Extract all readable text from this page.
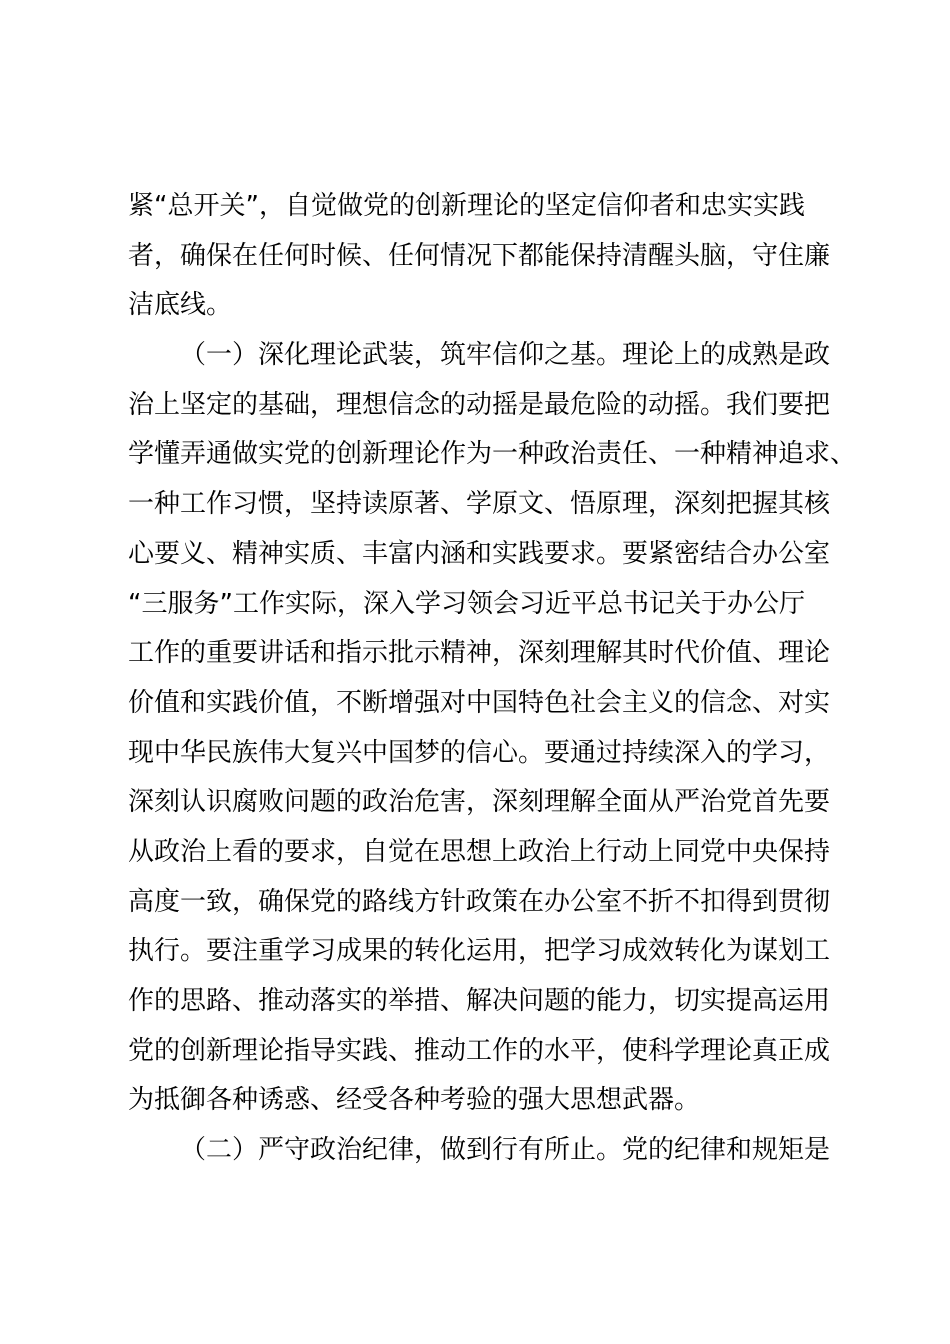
紧“总开关”，自觉做党的创新理论的坚定信仰者和忠实实践
者，确保在任何时候、任何情况下都能保持清醒头脑，守住廉
洁底线。
（一）深化理论武装，筑牢信仰之基。理论上的成熟是政
治上坚定的基础，理想信念的动摇是最危险的动摇。我们要把
学懂弄通做实党的创新理论作为一种政治责任、一种精神追求、
一种工作习惯，坚持读原著、学原文、悟原理，深刻把握其核
心要义、精神实质、丰富内涵和实践要求。要紧密结合办公室
“三服务”工作实际，深入学习领会习近平总书记关于办公厅
工作的重要讲话和指示批示精神，深刻理解其时代价值、理论
价值和实践价值，不断增强对中国特色社会主义的信念、对实
现中华民族伟大复兴中国梦的信心。要通过持续深入的学习，
深刻认识腐败问题的政治危害，深刻理解全面从严治党首先要
从政治上看的要求，自觉在思想上政治上行动上同党中央保持
高度一致，确保党的路线方针政策在办公室不折不扣得到贯彻
执行。要注重学习成果的转化运用，把学习成效转化为谋划工
作的思路、推动落实的举措、解决问题的能力，切实提高运用
党的创新理论指导实践、推动工作的水平，使科学理论真正成
为抵御各种诱惑、经受各种考验的强大思想武器。
（二）严守政治纪律，做到行有所止。党的纪律和规矩是
